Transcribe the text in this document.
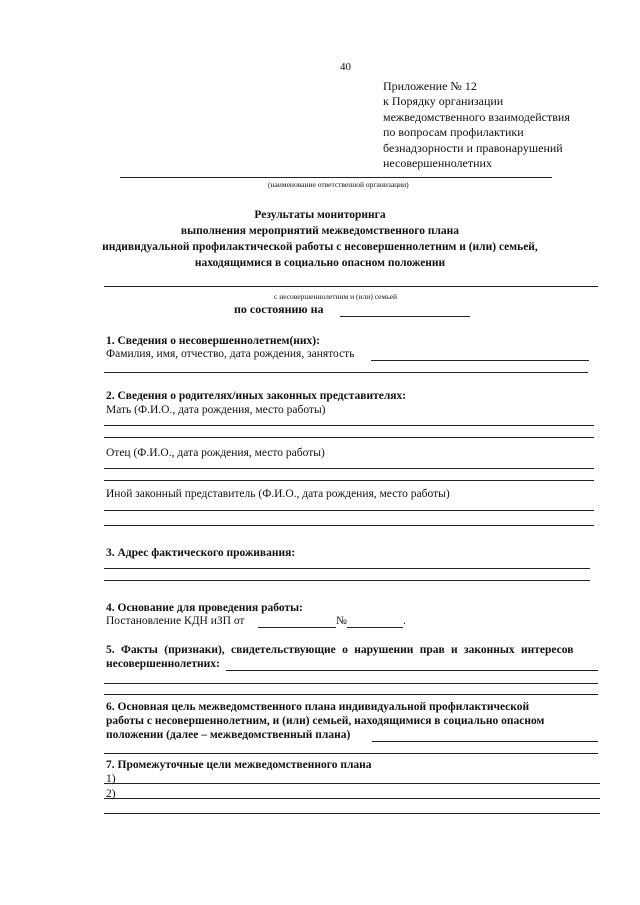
40
Приложение № 12
к Порядку организации
межведомственного взаимодействия
по вопросам профилактики
безнадзорности и правонарушений
несовершеннолетних
(наименование ответственной организации)
Результаты мониторинга
выполнения мероприятий межведомственного плана
индивидуальной профилактической работы с несовершеннолетним и (или) семьей,
находящимися в социально опасном положении
с несовершеннолетним и (или) семьей
по состоянию на
1. Сведения о несовершеннолетнем(них):
Фамилия, имя, отчество, дата рождения, занятость
2. Сведения о родителях/иных законных представителях:
Мать (Ф.И.О., дата рождения, место работы)
Отец (Ф.И.О., дата рождения, место работы)
Иной законный представитель (Ф.И.О., дата рождения, место работы)
3. Адрес фактического проживания:
4. Основание для проведения работы:
Постановление КДН иЗП от	№	.
5. Факты (признаки), свидетельствующие о нарушении прав и законных интересов
несовершеннолетних:
6. Основная цель межведомственного плана индивидуальной профилактической
работы с несовершеннолетним, и (или) семьей, находящимися в социально опасном
положении (далее – межведомственный плана)
7. Промежуточные цели межведомственного плана
1)
2)
